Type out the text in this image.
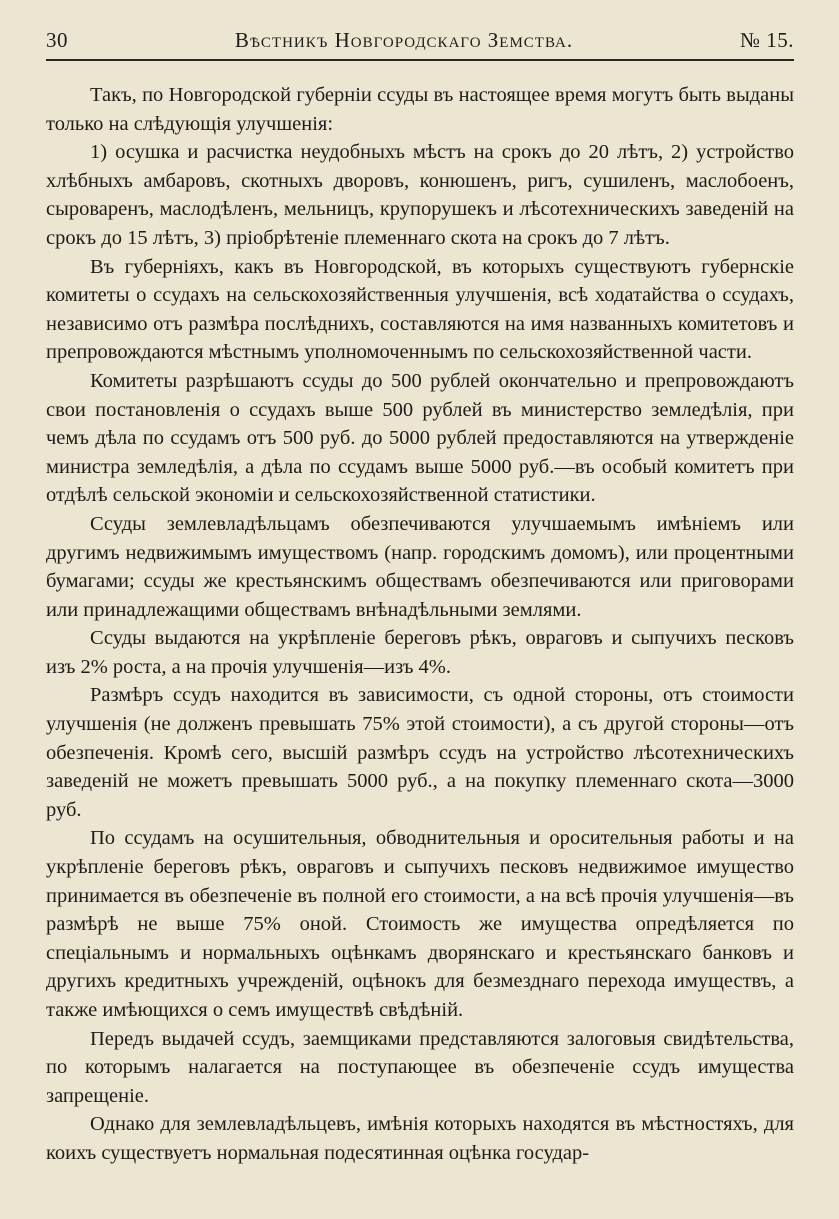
30	Вѣстникъ Новгородскаго Земства.	№ 15.

Такъ, по Новгородской губерніи ссуды въ настоящее время могутъ быть выданы только на слѣдующія улучшенія:

1) осушка и расчистка неудобныхъ мѣстъ на срокъ до 20 лѣтъ, 2) устройство хлѣбныхъ амбаровъ, скотныхъ дворовъ, конюшенъ, ригъ, сушиленъ, маслобоенъ, сыроваренъ, маслодѣленъ, мельницъ, крупорушекъ и лѣсотехническихъ заведеній на срокъ до 15 лѣтъ, 3) пріобрѣтеніе племеннаго скота на срокъ до 7 лѣтъ.

Въ губерніяхъ, какъ въ Новгородской, въ которыхъ существуютъ губернскіе комитеты о ссудахъ на сельскохозяйственныя улучшенія, всѣ ходатайства о ссудахъ, независимо отъ размѣра послѣднихъ, составляются на имя названныхъ комитетовъ и препровождаются мѣстнымъ уполномоченнымъ по сельскохозяйственной части.

Комитеты разрѣшаютъ ссуды до 500 рублей окончательно и препровождаютъ свои постановленія о ссудахъ выше 500 рублей въ министерство земледѣлія, при чемъ дѣла по ссудамъ отъ 500 руб. до 5000 рублей предоставляются на утвержденіе министра земледѣлія, а дѣла по ссудамъ выше 5000 руб.—въ особый комитетъ при отдѣлѣ сельской экономіи и сельскохозяйственной статистики.

Ссуды землевладѣльцамъ обезпечиваются улучшаемымъ имѣніемъ или другимъ недвижимымъ имуществомъ (напр. городскимъ домомъ), или процентными бумагами; ссуды же крестьянскимъ обществамъ обезпечиваются или приговорами или принадлежащими обществамъ внѣнадѣльными землями.

Ссуды выдаются на укрѣпленіе береговъ рѣкъ, овраговъ и сыпучихъ песковъ изъ 2% роста, а на прочія улучшенія—изъ 4%.

Размѣръ ссудъ находится въ зависимости, съ одной стороны, отъ стоимости улучшенія (не долженъ превышать 75% этой стоимости), а съ другой стороны—отъ обезпеченія. Кромѣ сего, высшій размѣръ ссудъ на устройство лѣсотехническихъ заведеній не можетъ превышать 5000 руб., а на покупку племеннаго скота—3000 руб.

По ссудамъ на осушительныя, обводнительныя и оросительныя работы и на укрѣпленіе береговъ рѣкъ, овраговъ и сыпучихъ песковъ недвижимое имущество принимается въ обезпеченіе въ полной его стоимости, а на всѣ прочія улучшенія—въ размѣрѣ не выше 75% оной. Стоимость же имущества опредѣляется по спеціальнымъ и нормальныхъ оцѣнкамъ дворянскаго и крестьянскаго банковъ и другихъ кредитныхъ учрежденій, оцѣнокъ для безмезднаго перехода имуществъ, а также имѣющихся о семъ имуществѣ свѣдѣній.

Передъ выдачей ссудъ, заемщиками представляются залоговыя свидѣтельства, по которымъ налагается на поступающее въ обезпеченіе ссудъ имущества запрещеніе.

Однако для землевладѣльцевъ, имѣнія которыхъ находятся въ мѣстностяхъ, для коихъ существуетъ нормальная подесятинная оцѣнка государ-
